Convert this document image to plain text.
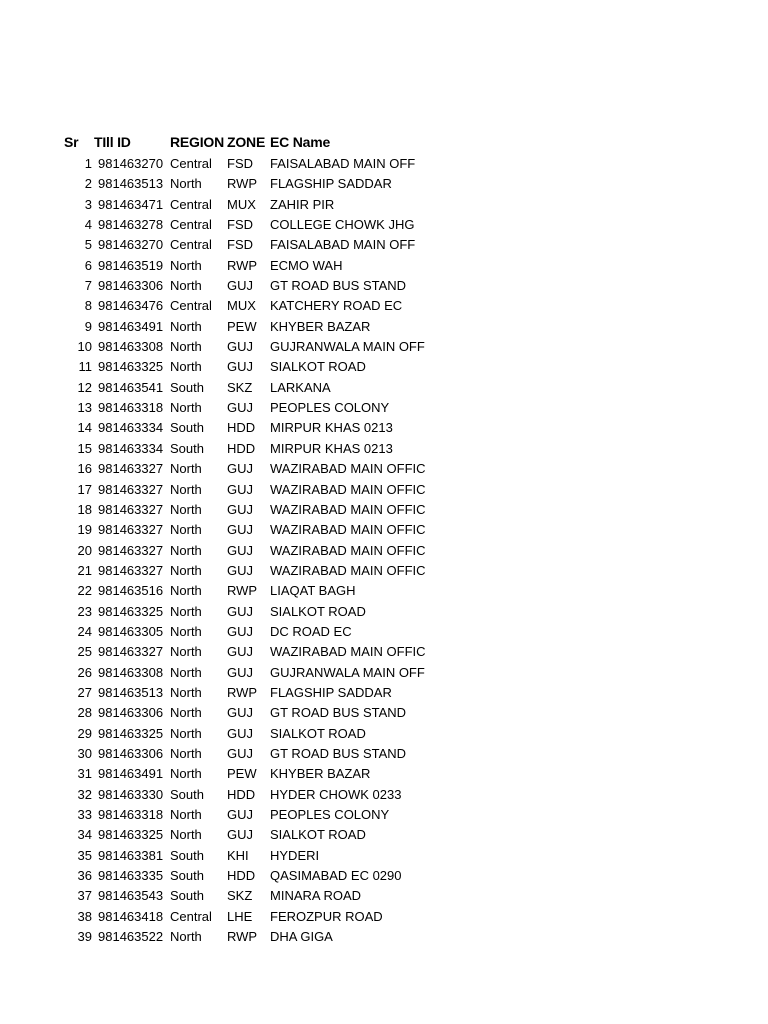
Sr TIll ID	REGION ZONE EC Name
1 981463270 Central FSD FAISALABAD MAIN OFF
2 981463513 North RWP FLAGSHIP SADDAR
3 981463471 Central MUX ZAHIR PIR
4 981463278 Central FSD COLLEGE CHOWK JHG
5 981463270 Central FSD FAISALABAD MAIN OFF
6 981463519 North RWP ECMO WAH
7 981463306 North GUJ GT ROAD BUS STAND
8 981463476 Central MUX KATCHERY ROAD EC
9 981463491 North PEW KHYBER BAZAR
10 981463308 North GUJ GUJRANWALA MAIN OFF
11 981463325 North GUJ SIALKOT ROAD
12 981463541 South SKZ LARKANA
13 981463318 North GUJ PEOPLES COLONY
14 981463334 South HDD MIRPUR KHAS 0213
15 981463334 South HDD MIRPUR KHAS 0213
16 981463327 North GUJ WAZIRABAD MAIN OFFIC
17 981463327 North GUJ WAZIRABAD MAIN OFFIC
18 981463327 North GUJ WAZIRABAD MAIN OFFIC
19 981463327 North GUJ WAZIRABAD MAIN OFFIC
20 981463327 North GUJ WAZIRABAD MAIN OFFIC
21 981463327 North GUJ WAZIRABAD MAIN OFFIC
22 981463516 North RWP LIAQAT BAGH
23 981463325 North GUJ SIALKOT ROAD
24 981463305 North GUJ DC ROAD EC
25 981463327 North GUJ WAZIRABAD MAIN OFFIC
26 981463308 North GUJ GUJRANWALA MAIN OFF
27 981463513 North RWP FLAGSHIP SADDAR
28 981463306 North GUJ GT ROAD BUS STAND
29 981463325 North GUJ SIALKOT ROAD
30 981463306 North GUJ GT ROAD BUS STAND
31 981463491 North PEW KHYBER BAZAR
32 981463330 South HDD HYDER CHOWK 0233
33 981463318 North GUJ PEOPLES COLONY
34 981463325 North GUJ SIALKOT ROAD
35 981463381 South KHI HYDERI
36 981463335 South HDD QASIMABAD EC 0290
37 981463543 South SKZ MINARA ROAD
38 981463418 Central LHE FEROZPUR ROAD
39 981463522 North RWP DHA GIGA
